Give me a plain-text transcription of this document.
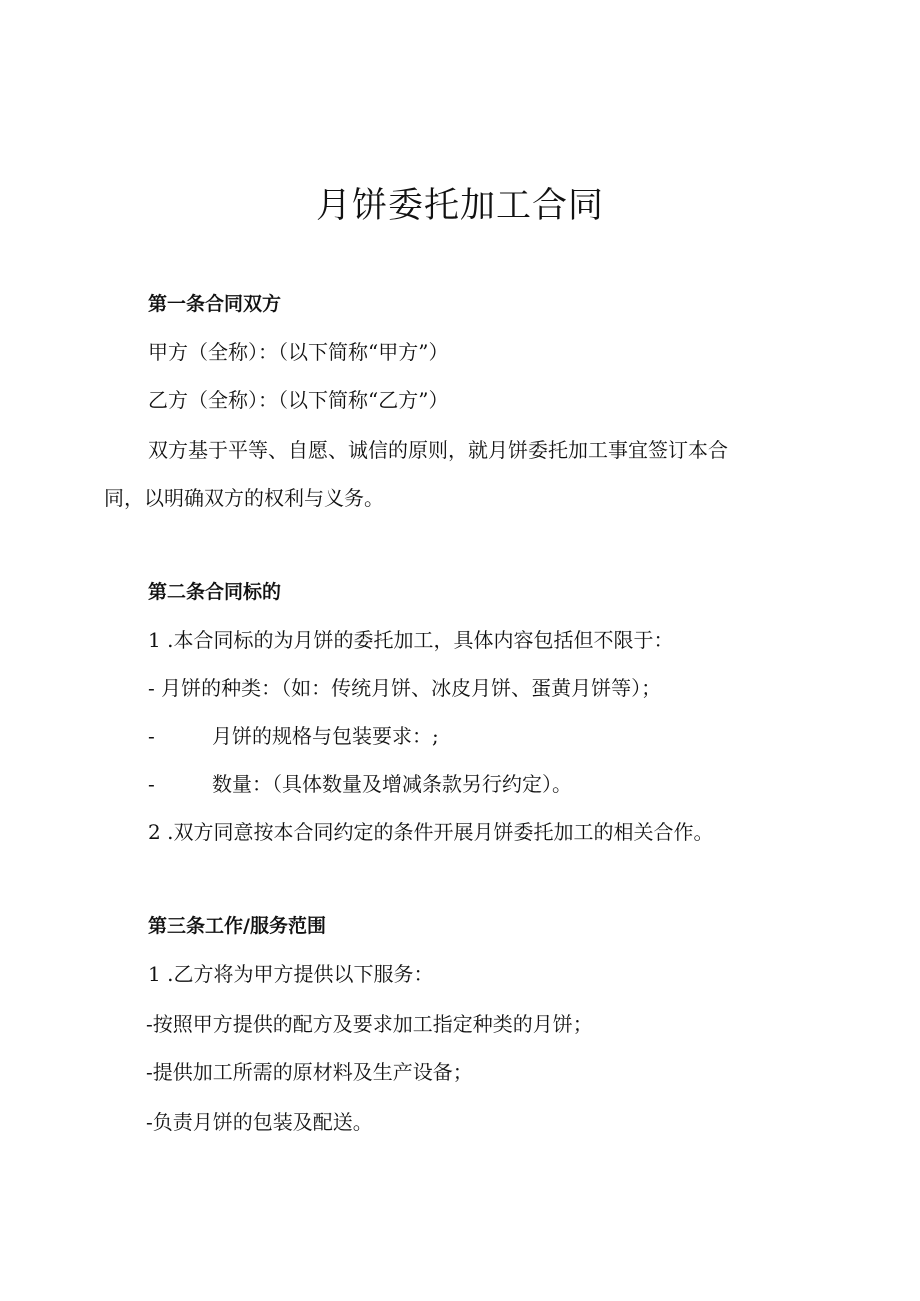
月饼委托加工合同
第一条合同双方
甲方（全称）：（以下简称“甲方”）
乙方（全称）：（以下简称“乙方”）
双方基于平等、自愿、诚信的原则，就月饼委托加工事宜签订本合
同，以明确双方的权利与义务。
第二条合同标的
1 .本合同标的为月饼的委托加工，具体内容包括但不限于：
- 月饼的种类：（如：传统月饼、冰皮月饼、蛋黄月饼等）；
-	月饼的规格与包装要求：;
-	数量：（具体数量及增减条款另行约定）。
2 .双方同意按本合同约定的条件开展月饼委托加工的相关合作。
第三条工作/服务范围
1 .乙方将为甲方提供以下服务：
-按照甲方提供的配方及要求加工指定种类的月饼；
-提供加工所需的原材料及生产设备；
-负责月饼的包装及配送。
